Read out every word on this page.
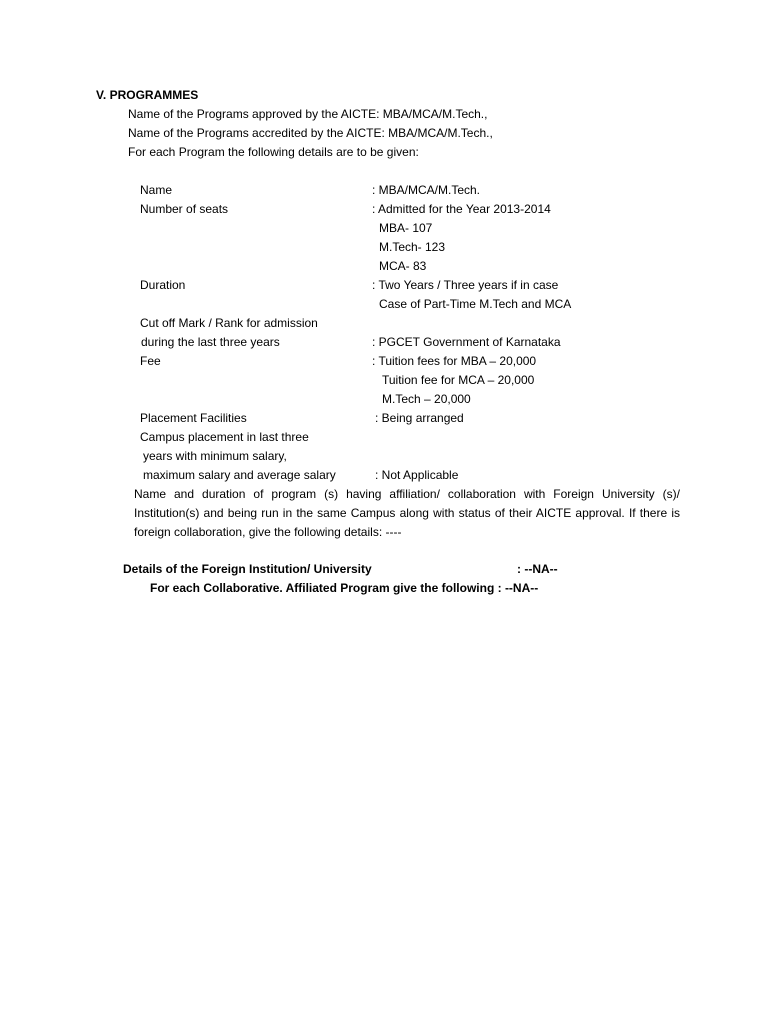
V. PROGRAMMES
Name of the Programs approved by the AICTE: MBA/MCA/M.Tech.,
Name of the Programs accredited by the AICTE: MBA/MCA/M.Tech.,
For each Program the following details are to be given:
Name	: MBA/MCA/M.Tech.
Number of seats	: Admitted for the Year 2013-2014
MBA- 107
M.Tech- 123
MCA- 83
Duration	: Two Years / Three years if in case
Case of Part-Time M.Tech and MCA
Cut off Mark / Rank for admission
during the last three years	: PGCET Government of Karnataka
Fee	: Tuition fees for MBA – 20,000
Tuition fee for MCA – 20,000
M.Tech – 20,000
Placement Facilities	: Being arranged
Campus placement in last three
years with minimum salary,
maximum salary and average salary	: Not Applicable
Name and duration of program (s) having affiliation/ collaboration with Foreign University (s)/ Institution(s) and being run in the same Campus along with status of their AICTE approval. If there is foreign collaboration, give the following details: ----
Details of the Foreign Institution/ University	: --NA--
For each Collaborative. Affiliated Program give the following : --NA--
